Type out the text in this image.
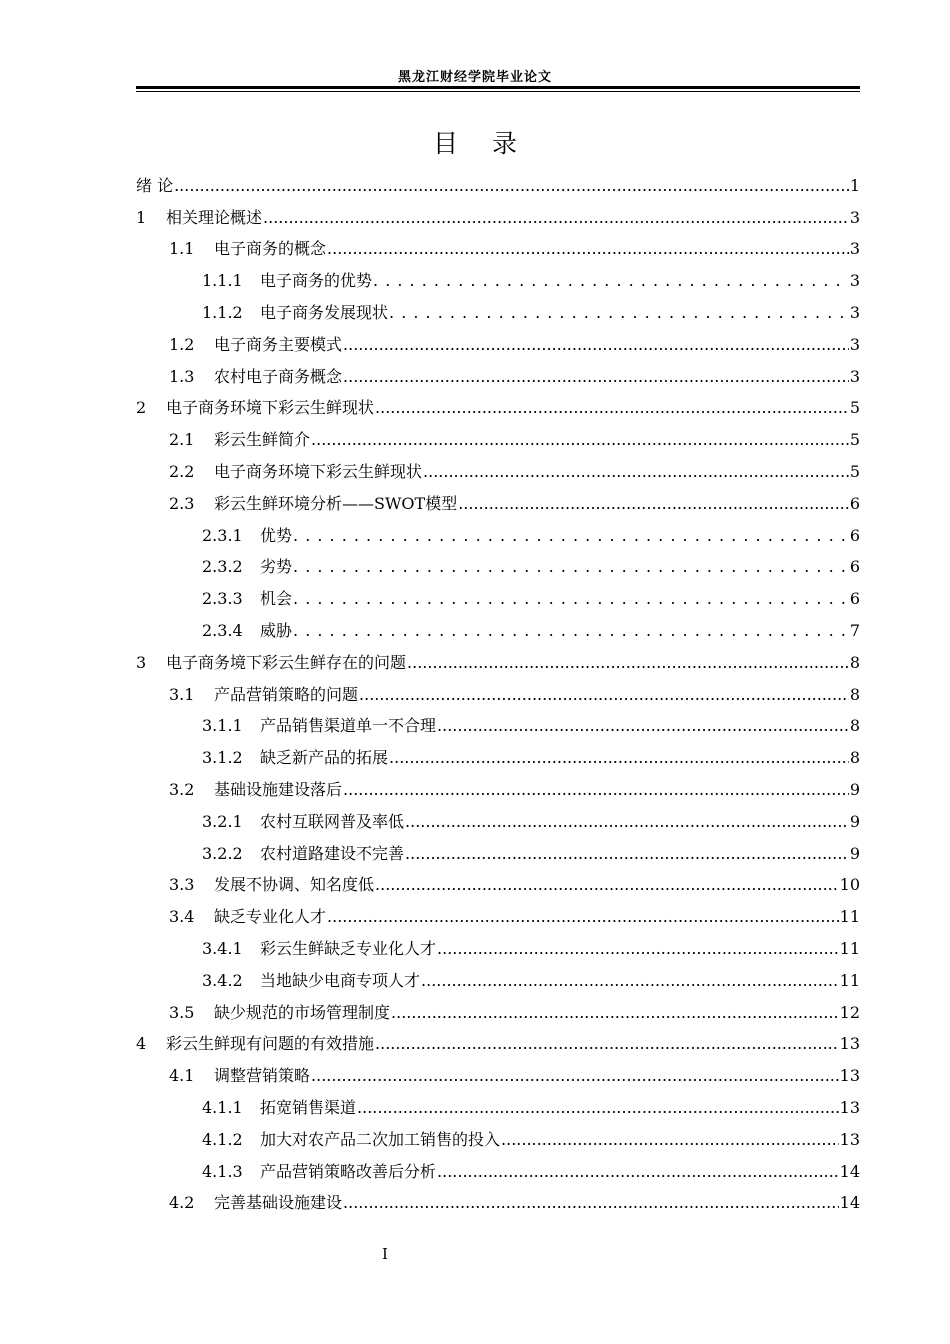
黑龙江财经学院毕业论文
目录
绪 论 .....	1
1	相关理论概述 .....	3
1.1	电子商务的概念 .....	3
1.1.1	电子商务的优势 . . .	3
1.1.2	电子商务发展现状 . . .	3
1.2	电子商务主要模式 .....	3
1.3	农村电子商务概念 .....	3
2	电子商务环境下彩云生鲜现状 .....	5
2.1	彩云生鲜简介 .....	5
2.2	电子商务环境下彩云生鲜现状 .....	5
2.3	彩云生鲜环境分析——SWOT模型 .....	6
2.3.1	优势 . . .	6
2.3.2	劣势 . . .	6
2.3.3	机会 . . .	6
2.3.4	威胁 . . .	7
3	电子商务境下彩云生鲜存在的问题 .....	8
3.1	产品营销策略的问题 .....	8
3.1.1	产品销售渠道单一不合理 .....	8
3.1.2	缺乏新产品的拓展 .....	8
3.2	基础设施建设落后 .....	9
3.2.1	农村互联网普及率低 .....	9
3.2.2	农村道路建设不完善 .....	9
3.3	发展不协调、知名度低 .....	10
3.4	缺乏专业化人才 .....	11
3.4.1	彩云生鲜缺乏专业化人才 .....	11
3.4.2	当地缺少电商专项人才 .....	11
3.5	缺少规范的市场管理制度 .....	12
4	彩云生鲜现有问题的有效措施 .....	13
4.1	调整营销策略 .....	13
4.1.1	拓宽销售渠道 .....	13
4.1.2	加大对农产品二次加工销售的投入 .....	13
4.1.3	产品营销策略改善后分析 .....	14
4.2	完善基础设施建设 .....	14
I
